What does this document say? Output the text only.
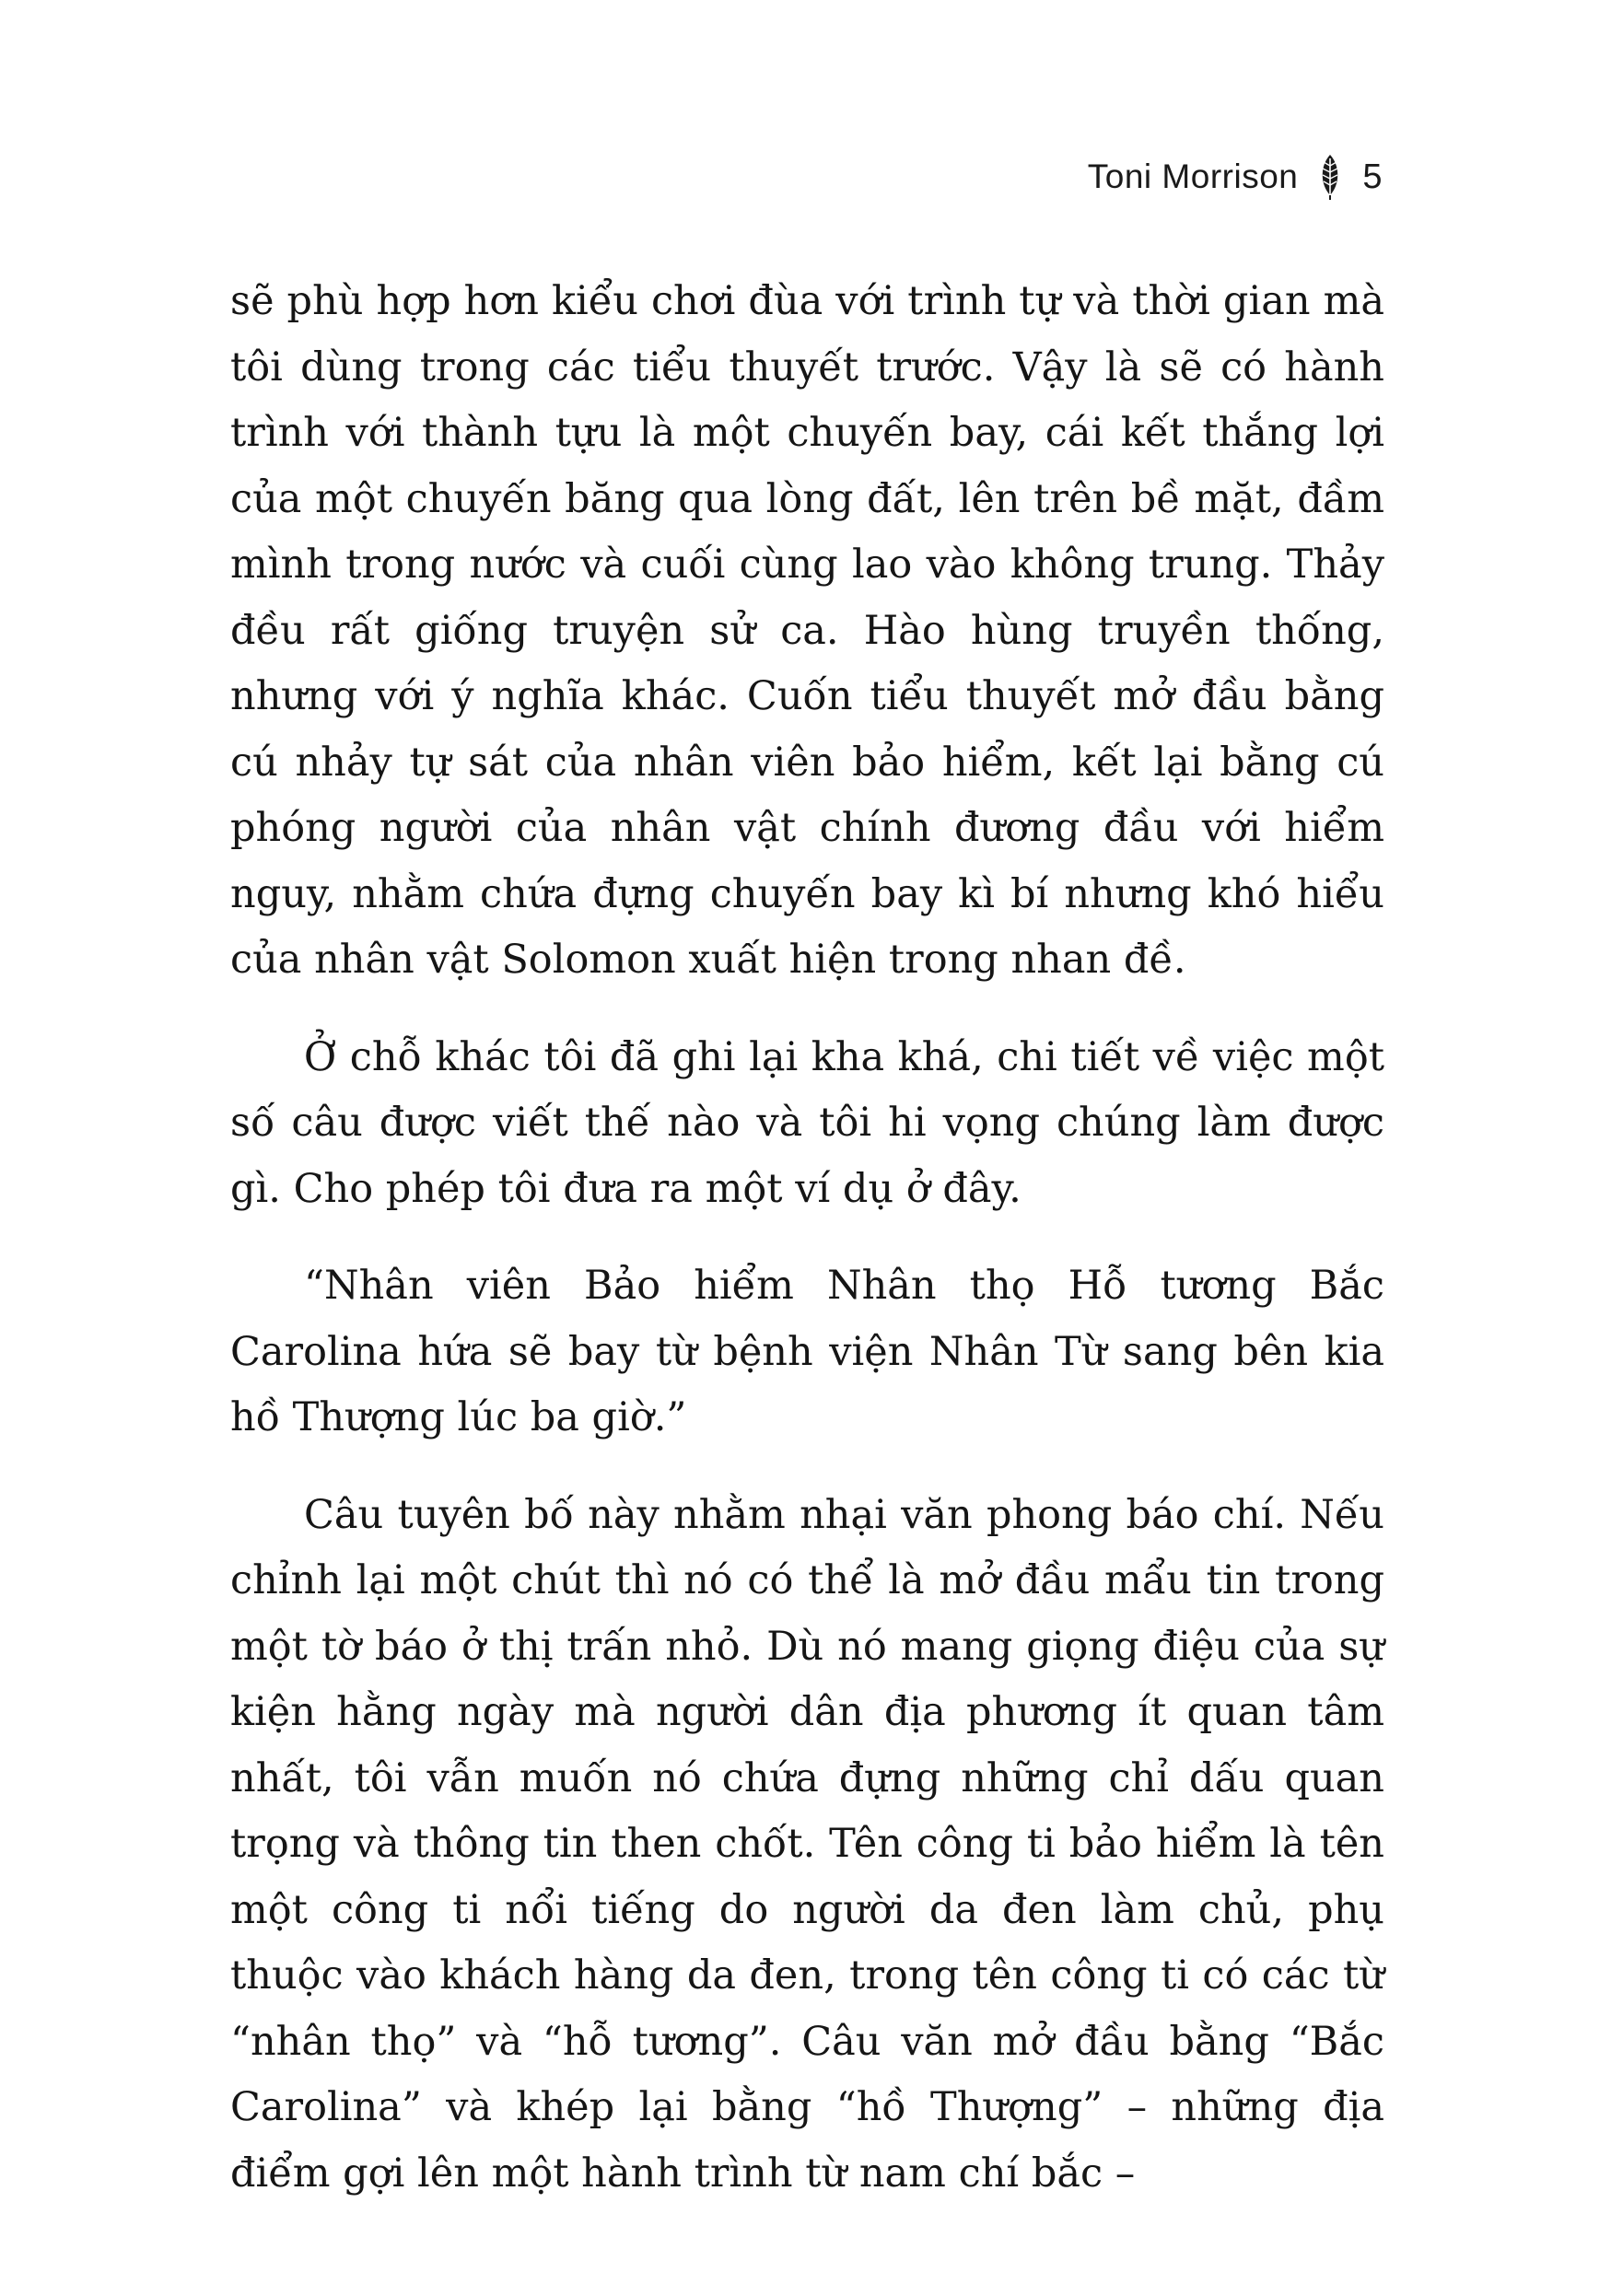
Toni Morrison 5

sẽ phù hợp hơn kiểu chơi đùa với trình tự và thời gian mà tôi dùng trong các tiểu thuyết trước. Vậy là sẽ có hành trình với thành tựu là một chuyến bay, cái kết thắng lợi của một chuyến băng qua lòng đất, lên trên bề mặt, đầm mình trong nước và cuối cùng lao vào không trung. Thảy đều rất giống truyện sử ca. Hào hùng truyền thống, nhưng với ý nghĩa khác. Cuốn tiểu thuyết mở đầu bằng cú nhảy tự sát của nhân viên bảo hiểm, kết lại bằng cú phóng người của nhân vật chính đương đầu với hiểm nguy, nhằm chứa đựng chuyến bay kì bí nhưng khó hiểu của nhân vật Solomon xuất hiện trong nhan đề.

Ở chỗ khác tôi đã ghi lại kha khá, chi tiết về việc một số câu được viết thế nào và tôi hi vọng chúng làm được gì. Cho phép tôi đưa ra một ví dụ ở đây.

“Nhân viên Bảo hiểm Nhân thọ Hỗ tương Bắc Carolina hứa sẽ bay từ bệnh viện Nhân Từ sang bên kia hồ Thượng lúc ba giờ.”

Câu tuyên bố này nhằm nhại văn phong báo chí. Nếu chỉnh lại một chút thì nó có thể là mở đầu mẩu tin trong một tờ báo ở thị trấn nhỏ. Dù nó mang giọng điệu của sự kiện hằng ngày mà người dân địa phương ít quan tâm nhất, tôi vẫn muốn nó chứa đựng những chỉ dấu quan trọng và thông tin then chốt. Tên công ti bảo hiểm là tên một công ti nổi tiếng do người da đen làm chủ, phụ thuộc vào khách hàng da đen, trong tên công ti có các từ “nhân thọ” và “hỗ tương”. Câu văn mở đầu bằng “Bắc Carolina” và khép lại bằng “hồ Thượng” – những địa điểm gợi lên một hành trình từ nam chí bắc –
